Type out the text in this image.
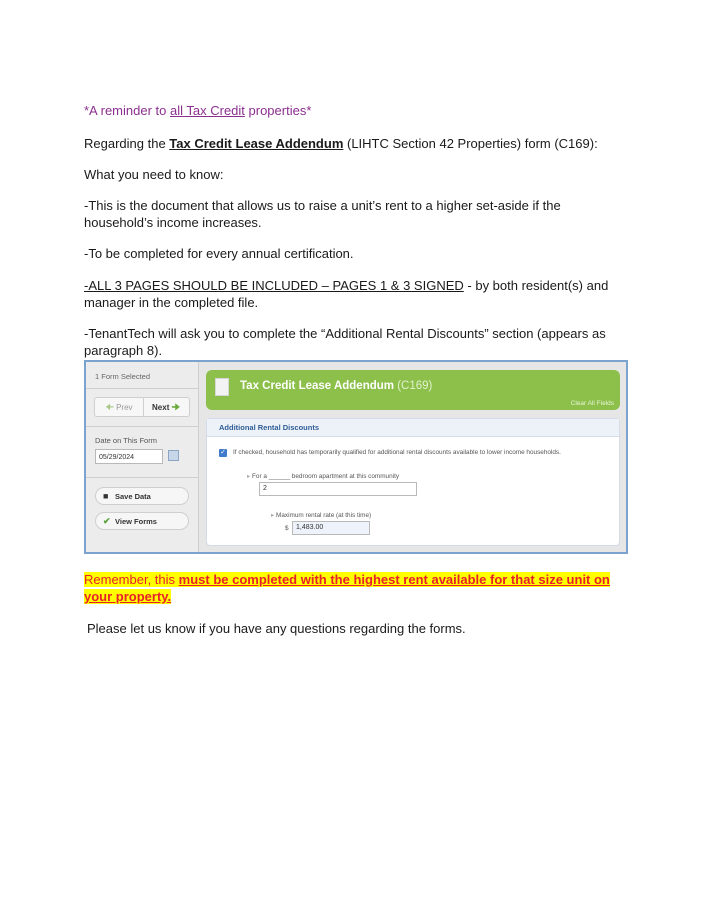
*A reminder to all Tax Credit properties*

Regarding the Tax Credit Lease Addendum (LIHTC Section 42 Properties) form (C169):

What you need to know:

-This is the document that allows us to raise a unit’s rent to a higher set-aside if the household’s income increases.

-To be completed for every annual certification.

-ALL 3 PAGES SHOULD BE INCLUDED – PAGES 1 & 3 SIGNED - by both resident(s) and manager in the completed file.

-TenantTech will ask you to complete the “Additional Rental Discounts” section (appears as paragraph 8).

1 Form Selected
🠈 Prev	Next 🠊
Date on This Form
05/29/2024
■ Save Data
✔ View Forms
Tax Credit Lease Addendum (C169)
Clear All Fields
Additional Rental Discounts
✓ If checked, household has temporarily qualified for additional rental discounts available to lower income households.
▸ For a ______ bedroom apartment at this community
2
▸ Maximum rental rate (at this time)
$	1,483.00

Remember, this must be completed with the highest rent available for that size unit on your property.

Please let us know if you have any questions regarding the forms.
